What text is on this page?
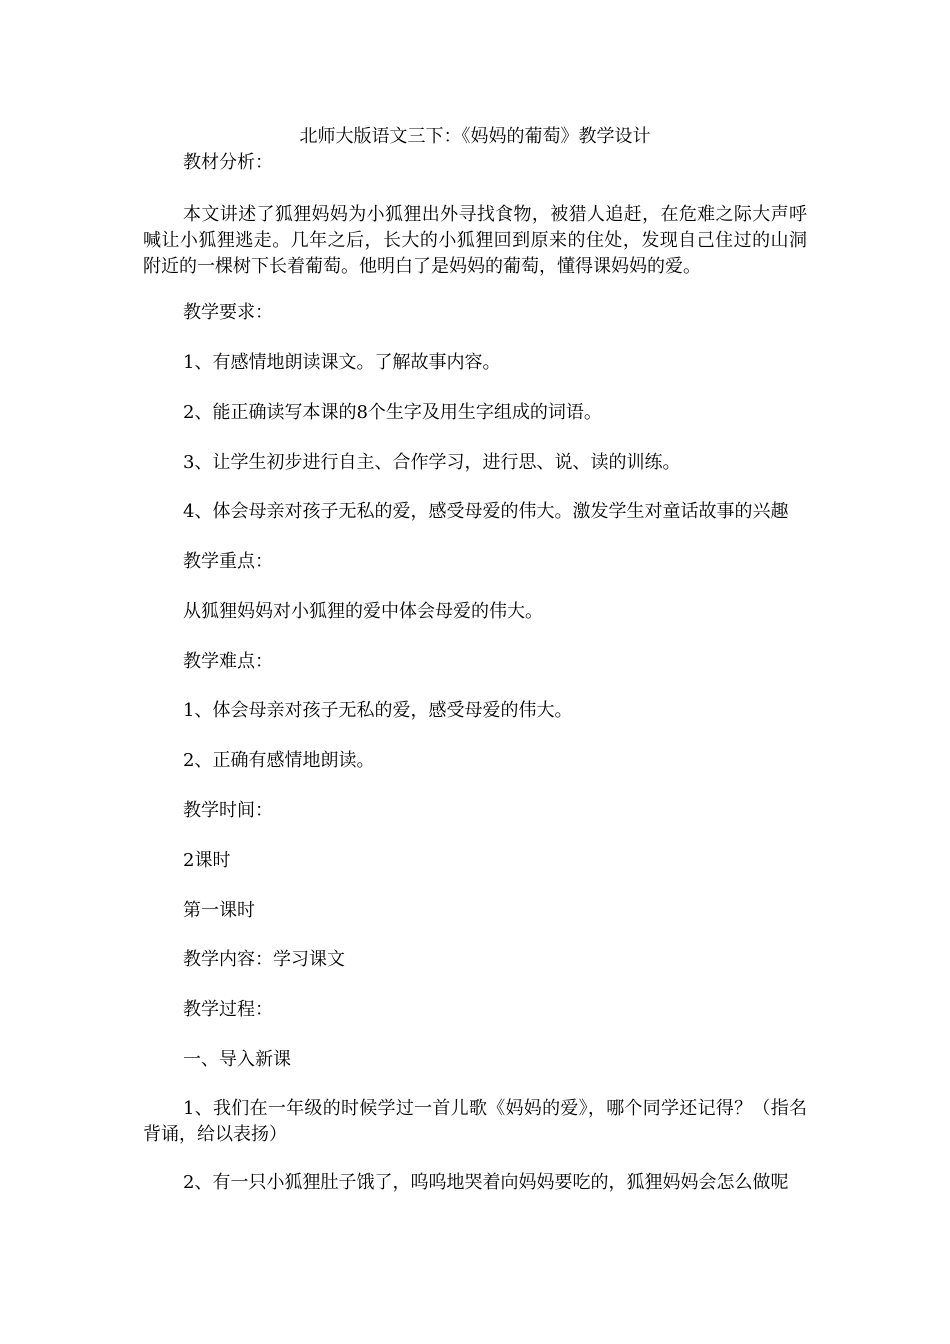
北师大版语文三下：《妈妈的葡萄》教学设计
教材分析：
本文讲述了狐狸妈妈为小狐狸出外寻找食物，被猎人追赶，在危难之际大声呼喊让小狐狸逃走。几年之后，长大的小狐狸回到原来的住处，发现自己住过的山洞附近的一棵树下长着葡萄。他明白了是妈妈的葡萄，懂得课妈妈的爱。
教学要求：
1、有感情地朗读课文。了解故事内容。
2、能正确读写本课的8个生字及用生字组成的词语。
3、让学生初步进行自主、合作学习，进行思、说、读的训练。
4、体会母亲对孩子无私的爱，感受母爱的伟大。激发学生对童话故事的兴趣
教学重点：
从狐狸妈妈对小狐狸的爱中体会母爱的伟大。
教学难点：
1、体会母亲对孩子无私的爱，感受母爱的伟大。
2、正确有感情地朗读。
教学时间：
2课时
第一课时
教学内容：学习课文
教学过程：
一、导入新课
1、我们在一年级的时候学过一首儿歌《妈妈的爱》，哪个同学还记得？（指名背诵，给以表扬）
2、有一只小狐狸肚子饿了，呜呜地哭着向妈妈要吃的，狐狸妈妈会怎么做呢
